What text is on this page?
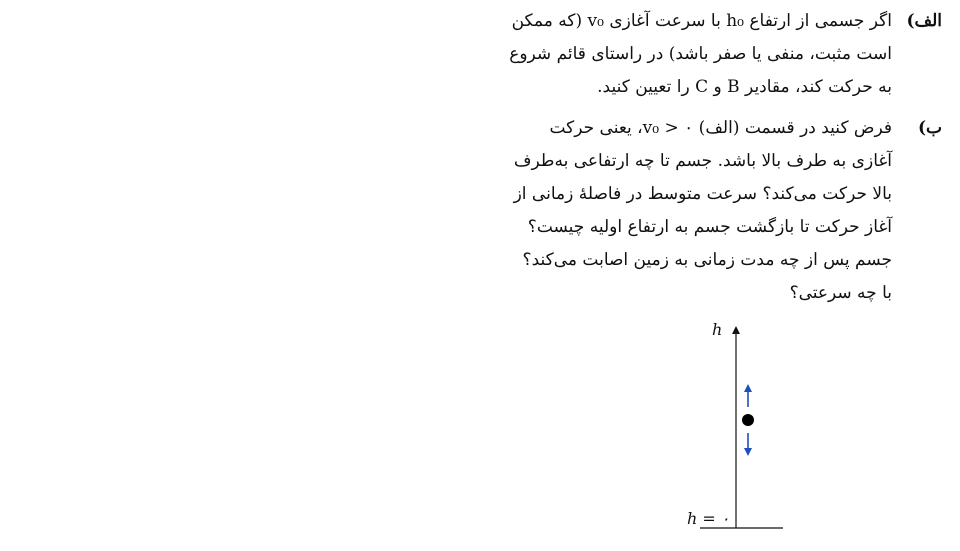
الف)
اگر جسمی از ارتفاع h₀ با سرعت آغازی v₀ (که ممکن
است مثبت، منفی یا صفر باشد) در راستای قائم شروع
به حرکت کند، مقادیر B و C را تعیین کنید.
ب)
فرض کنید در قسمت (الف) v₀ > ۰، یعنی حرکت
آغازی به طرف بالا باشد. جسم تا چه ارتفاعی به‌طرف
بالا حرکت می‌کند؟ سرعت متوسط در فاصلهٔ زمانی از
آغاز حرکت تا بازگشت جسم به ارتفاع اولیه چیست؟
جسم پس از چه مدت زمانی به زمین اصابت می‌کند؟
با چه سرعتی؟
h
h = ۰
